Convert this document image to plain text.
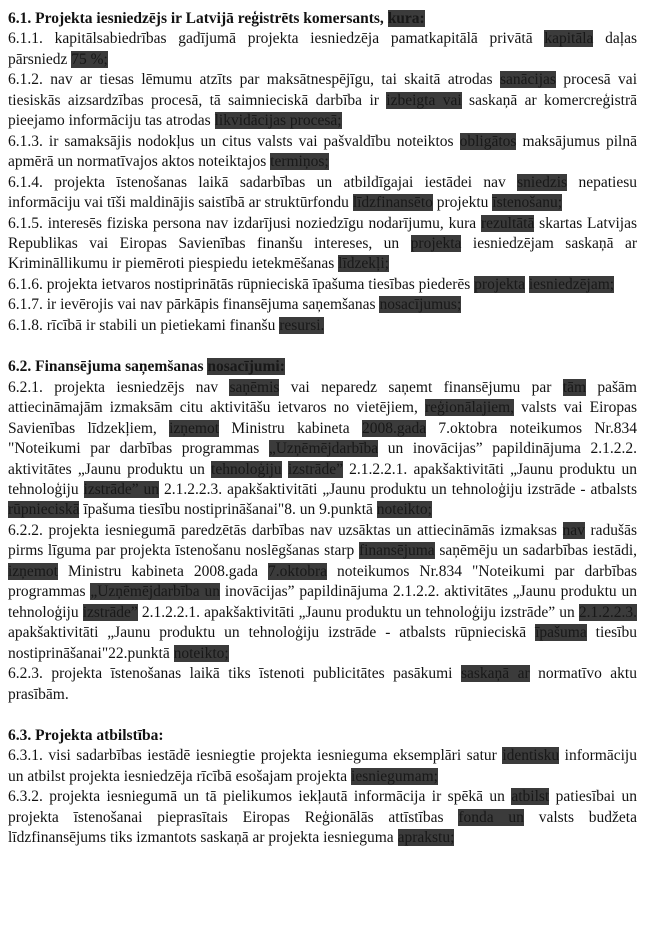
6.1. Projekta iesniedzējs ir Latvijā reģistrēts komersants, kura:

6.1.1. kapitālsabiedrības gadījumā projekta iesniedzēja pamatkapitālā privātā kapitāla daļas pārsniedz 75 %;

6.1.2. nav ar tiesas lēmumu atzīts par maksātnespējīgu, tai skaitā atrodas sanācijas procesā vai tiesiskās aizsardzības procesā, tā saimnieciskā darbība ir izbeigta vai saskaņā ar komercreģistrā pieejamo informāciju tas atrodas likvidācijas procesā;

6.1.3. ir samaksājis nodokļus un citus valsts vai pašvaldību noteiktos obligātos maksājumus pilnā apmērā un normatīvajos aktos noteiktajos termiņos;

6.1.4. projekta īstenošanas laikā sadarbības un atbildīgajai iestādei nav sniedzis nepatiesu informāciju vai tīši maldinājis saistībā ar struktūrfondu līdzfinansēto projektu īstenošanu;

6.1.5. interesēs fiziska persona nav izdarījusi noziedzīgu nodarījumu, kura rezultātā skartas Latvijas Republikas vai Eiropas Savienības finanšu intereses, un projekta iesniedzējam saskaņā ar Krimināllikumu ir piemēroti piespiedu ietekmēšanas līdzekļi;

6.1.6. projekta ietvaros nostiprinātās rūpnieciskā īpašuma tiesības piederēs projekta iesniedzējam;

6.1.7. ir ievērojis vai nav pārkāpis finansējuma saņemšanas nosacījumus;

6.1.8. rīcībā ir stabili un pietiekami finanšu resursi.

6.2. Finansējuma saņemšanas nosacījumi:

6.2.1. projekta iesniedzējs nav saņēmis vai neparedz saņemt finansējumu par tām pašām attiecināmajām izmaksām citu aktivitāšu ietvaros no vietējiem, reģionālajiem, valsts vai Eiropas Savienības līdzekļiem, izņemot Ministru kabineta 2008.gada 7.oktobra noteikumos Nr.834 "Noteikumi par darbības programmas „Uzņēmējdarbība un inovācijas” papildinājuma 2.1.2.2. aktivitātes „Jaunu produktu un tehnoloģiju izstrāde” 2.1.2.2.1. apakšaktivitāti „Jaunu produktu un tehnoloģiju izstrāde” un 2.1.2.2.3. apakšaktivitāti „Jaunu produktu un tehnoloģiju izstrāde - atbalsts rūpnieciskā īpašuma tiesību nostiprināšanai"8. un 9.punktā noteikto;

6.2.2. projekta iesniegumā paredzētās darbības nav uzsāktas un attiecināmās izmaksas nav radušās pirms līguma par projekta īstenošanu noslēgšanas starp finansējuma saņēmēju un sadarbības iestādi, izņemot Ministru kabineta 2008.gada 7.oktobra noteikumos Nr.834 "Noteikumi par darbības programmas „Uzņēmējdarbība un inovācijas” papildinājuma 2.1.2.2. aktivitātes „Jaunu produktu un tehnoloģiju izstrāde” 2.1.2.2.1. apakšaktivitāti „Jaunu produktu un tehnoloģiju izstrāde” un 2.1.2.2.3. apakšaktivitāti „Jaunu produktu un tehnoloģiju izstrāde - atbalsts rūpnieciskā īpašuma tiesību nostiprināšanai"22.punktā noteikto;

6.2.3. projekta īstenošanas laikā tiks īstenoti publicitātes pasākumi saskaņā ar normatīvo aktu prasībām.

6.3. Projekta atbilstība:

6.3.1. visi sadarbības iestādē iesniegtie projekta iesnieguma eksemplāri satur identisku informāciju un atbilst projekta iesniedzēja rīcībā esošajam projekta iesniegumam;

6.3.2. projekta iesniegumā un tā pielikumos iekļautā informācija ir spēkā un atbilst patiesībai un projekta īstenošanai pieprasītais Eiropas Reģionālās attīstības fonda un valsts budžeta līdzfinansējums tiks izmantots saskaņā ar projekta iesnieguma aprakstu;
